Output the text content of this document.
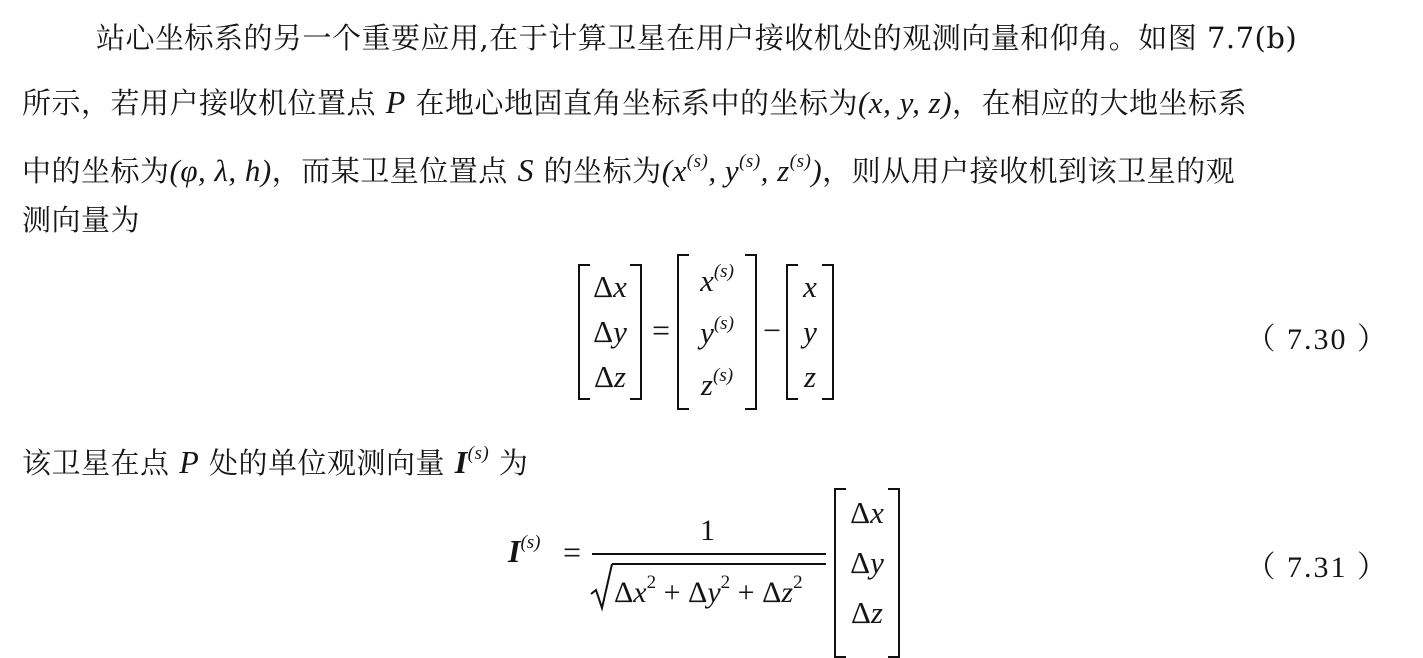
站心坐标系的另一个重要应用,在于计算卫星在用户接收机处的观测向量和仰角。如图 7.7(b)
所示，若用户接收机位置点 P 在地心地固直角坐标系中的坐标为(x, y, z)，在相应的大地坐标系
中的坐标为(φ, λ, h)，而某卫星位置点 S 的坐标为($x^{(s)}$, $y^{(s)}$, $z^{(s)}$)，则从用户接收机到该卫星的观
测向量为
Δx
Δy
Δz
=
$x^{(s)}$
$y^{(s)}$
$z^{(s)}$
−
x
y
z
（ 7.30 ）
该卫星在点 P 处的单位观测向量 $I^{(s)}$ 为
$I^{(s)}$ =
1
$\Delta x^2 + \Delta y^2 + \Delta z^2$
Δx
Δy
Δz
（ 7.31 ）
